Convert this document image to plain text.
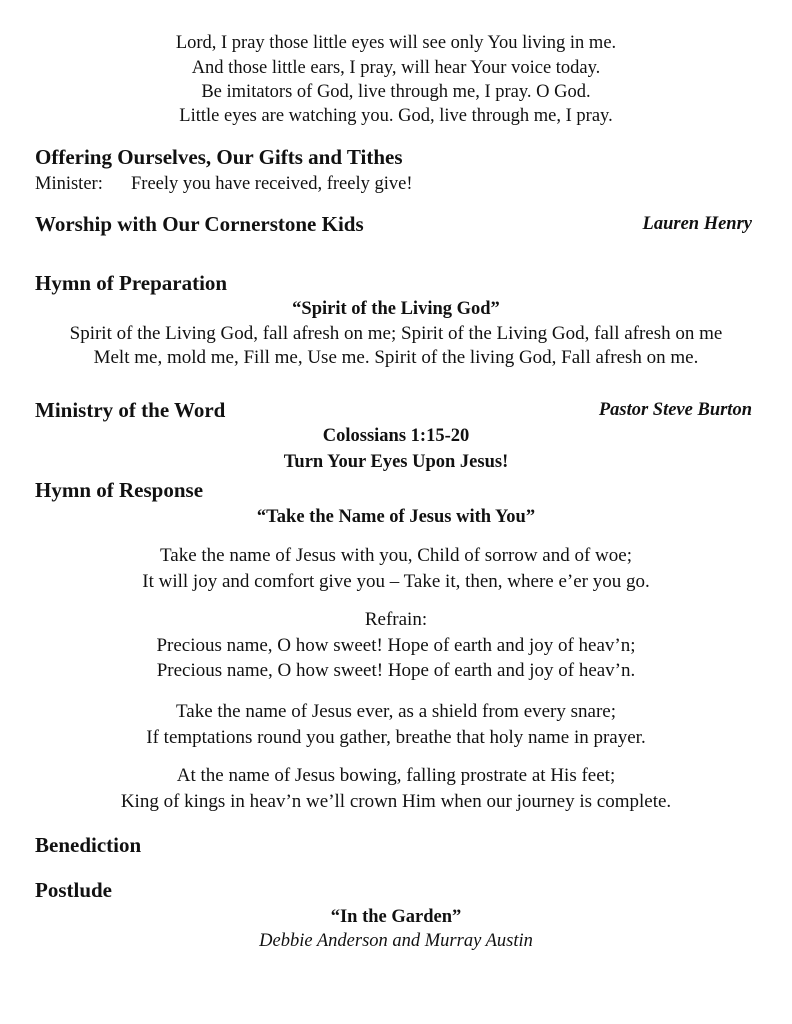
Lord, I pray those little eyes will see only You living in me.
And those little ears, I pray, will hear Your voice today.
Be imitators of God, live through me, I pray. O God.
Little eyes are watching you. God, live through me, I pray.
Offering Ourselves, Our Gifts and Tithes
Minister: Freely you have received, freely give!
Worship with Our Cornerstone Kids	Lauren Henry
Hymn of Preparation
“Spirit of the Living God”
Spirit of the Living God, fall afresh on me; Spirit of the Living God, fall afresh on me
Melt me, mold me, Fill me, Use me. Spirit of the living God, Fall afresh on me.
Ministry of the Word	Pastor Steve Burton
Colossians 1:15-20
Turn Your Eyes Upon Jesus!
Hymn of Response
“Take the Name of Jesus with You”
Take the name of Jesus with you, Child of sorrow and of woe;
It will joy and comfort give you – Take it, then, where e’er you go.
Refrain:
Precious name, O how sweet! Hope of earth and joy of heav’n;
Precious name, O how sweet! Hope of earth and joy of heav’n.
Take the name of Jesus ever, as a shield from every snare;
If temptations round you gather, breathe that holy name in prayer.
At the name of Jesus bowing, falling prostrate at His feet;
King of kings in heav’n we’ll crown Him when our journey is complete.
Benediction
Postlude
“In the Garden”
Debbie Anderson and Murray Austin
